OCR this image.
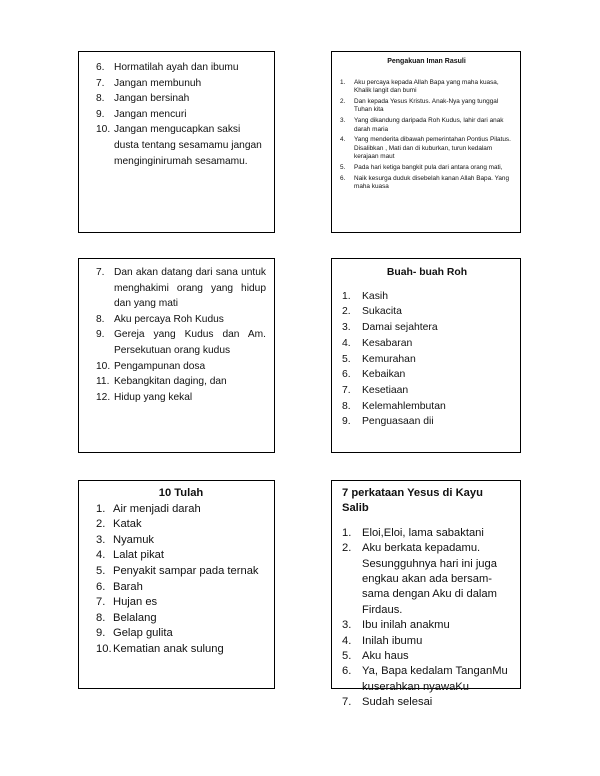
6. Hormatilah ayah dan ibumu
7. Jangan membunuh
8. Jangan bersinah
9. Jangan mencuri
10. Jangan mengucapkan saksi dusta tentang sesamamu jangan menginginirumah sesamamu.
Pengakuan Iman Rasuli
1.	Aku percaya kepada Allah Bapa yang maha kuasa, Khalik langit dan bumi
2.	Dan kepada Yesus Kristus. Anak-Nya yang tunggal Tuhan kita
3.	Yang dikandung daripada Roh Kudus, lahir dari anak darah maria
4.	Yang menderita dibawah pemerintahan Pontius Pilatus. Disalibkan , Mati dan di kuburkan, turun kedalam kerajaan maut
5.	Pada hari ketiga bangkit pula dari antara orang mati,
6.	Naik kesurga duduk disebelah kanan Allah Bapa. Yang maha kuasa
7. Dan akan datang dari sana untuk menghakimi orang yang hidup dan yang mati
8. Aku percaya Roh Kudus
9. Gereja yang Kudus dan Am. Persekutuan orang kudus
10. Pengampunan dosa
11. Kebangkitan daging, dan
12. Hidup yang kekal
Buah- buah Roh
1.	Kasih
2.	Sukacita
3.	Damai sejahtera
4.	Kesabaran
5.	Kemurahan
6.	Kebaikan
7.	Kesetiaan
8.	Kelemahlembutan
9.	Penguasaan dii
10 Tulah
1. Air menjadi darah
2. Katak
3. Nyamuk
4. Lalat pikat
5. Penyakit sampar pada ternak
6. Barah
7. Hujan es
8. Belalang
9. Gelap gulita
10. Kematian anak sulung
7 perkataan Yesus di Kayu Salib
1. Eloi,Eloi, lama sabaktani
2. Aku berkata kepadamu. Sesungguhnya hari ini juga engkau akan ada bersam-sama dengan Aku di dalam Firdaus.
3. Ibu inilah anakmu
4. Inilah ibumu
5. Aku haus
6. Ya, Bapa kedalam TanganMu kuserahkan nyawaKu
7. Sudah selesai
